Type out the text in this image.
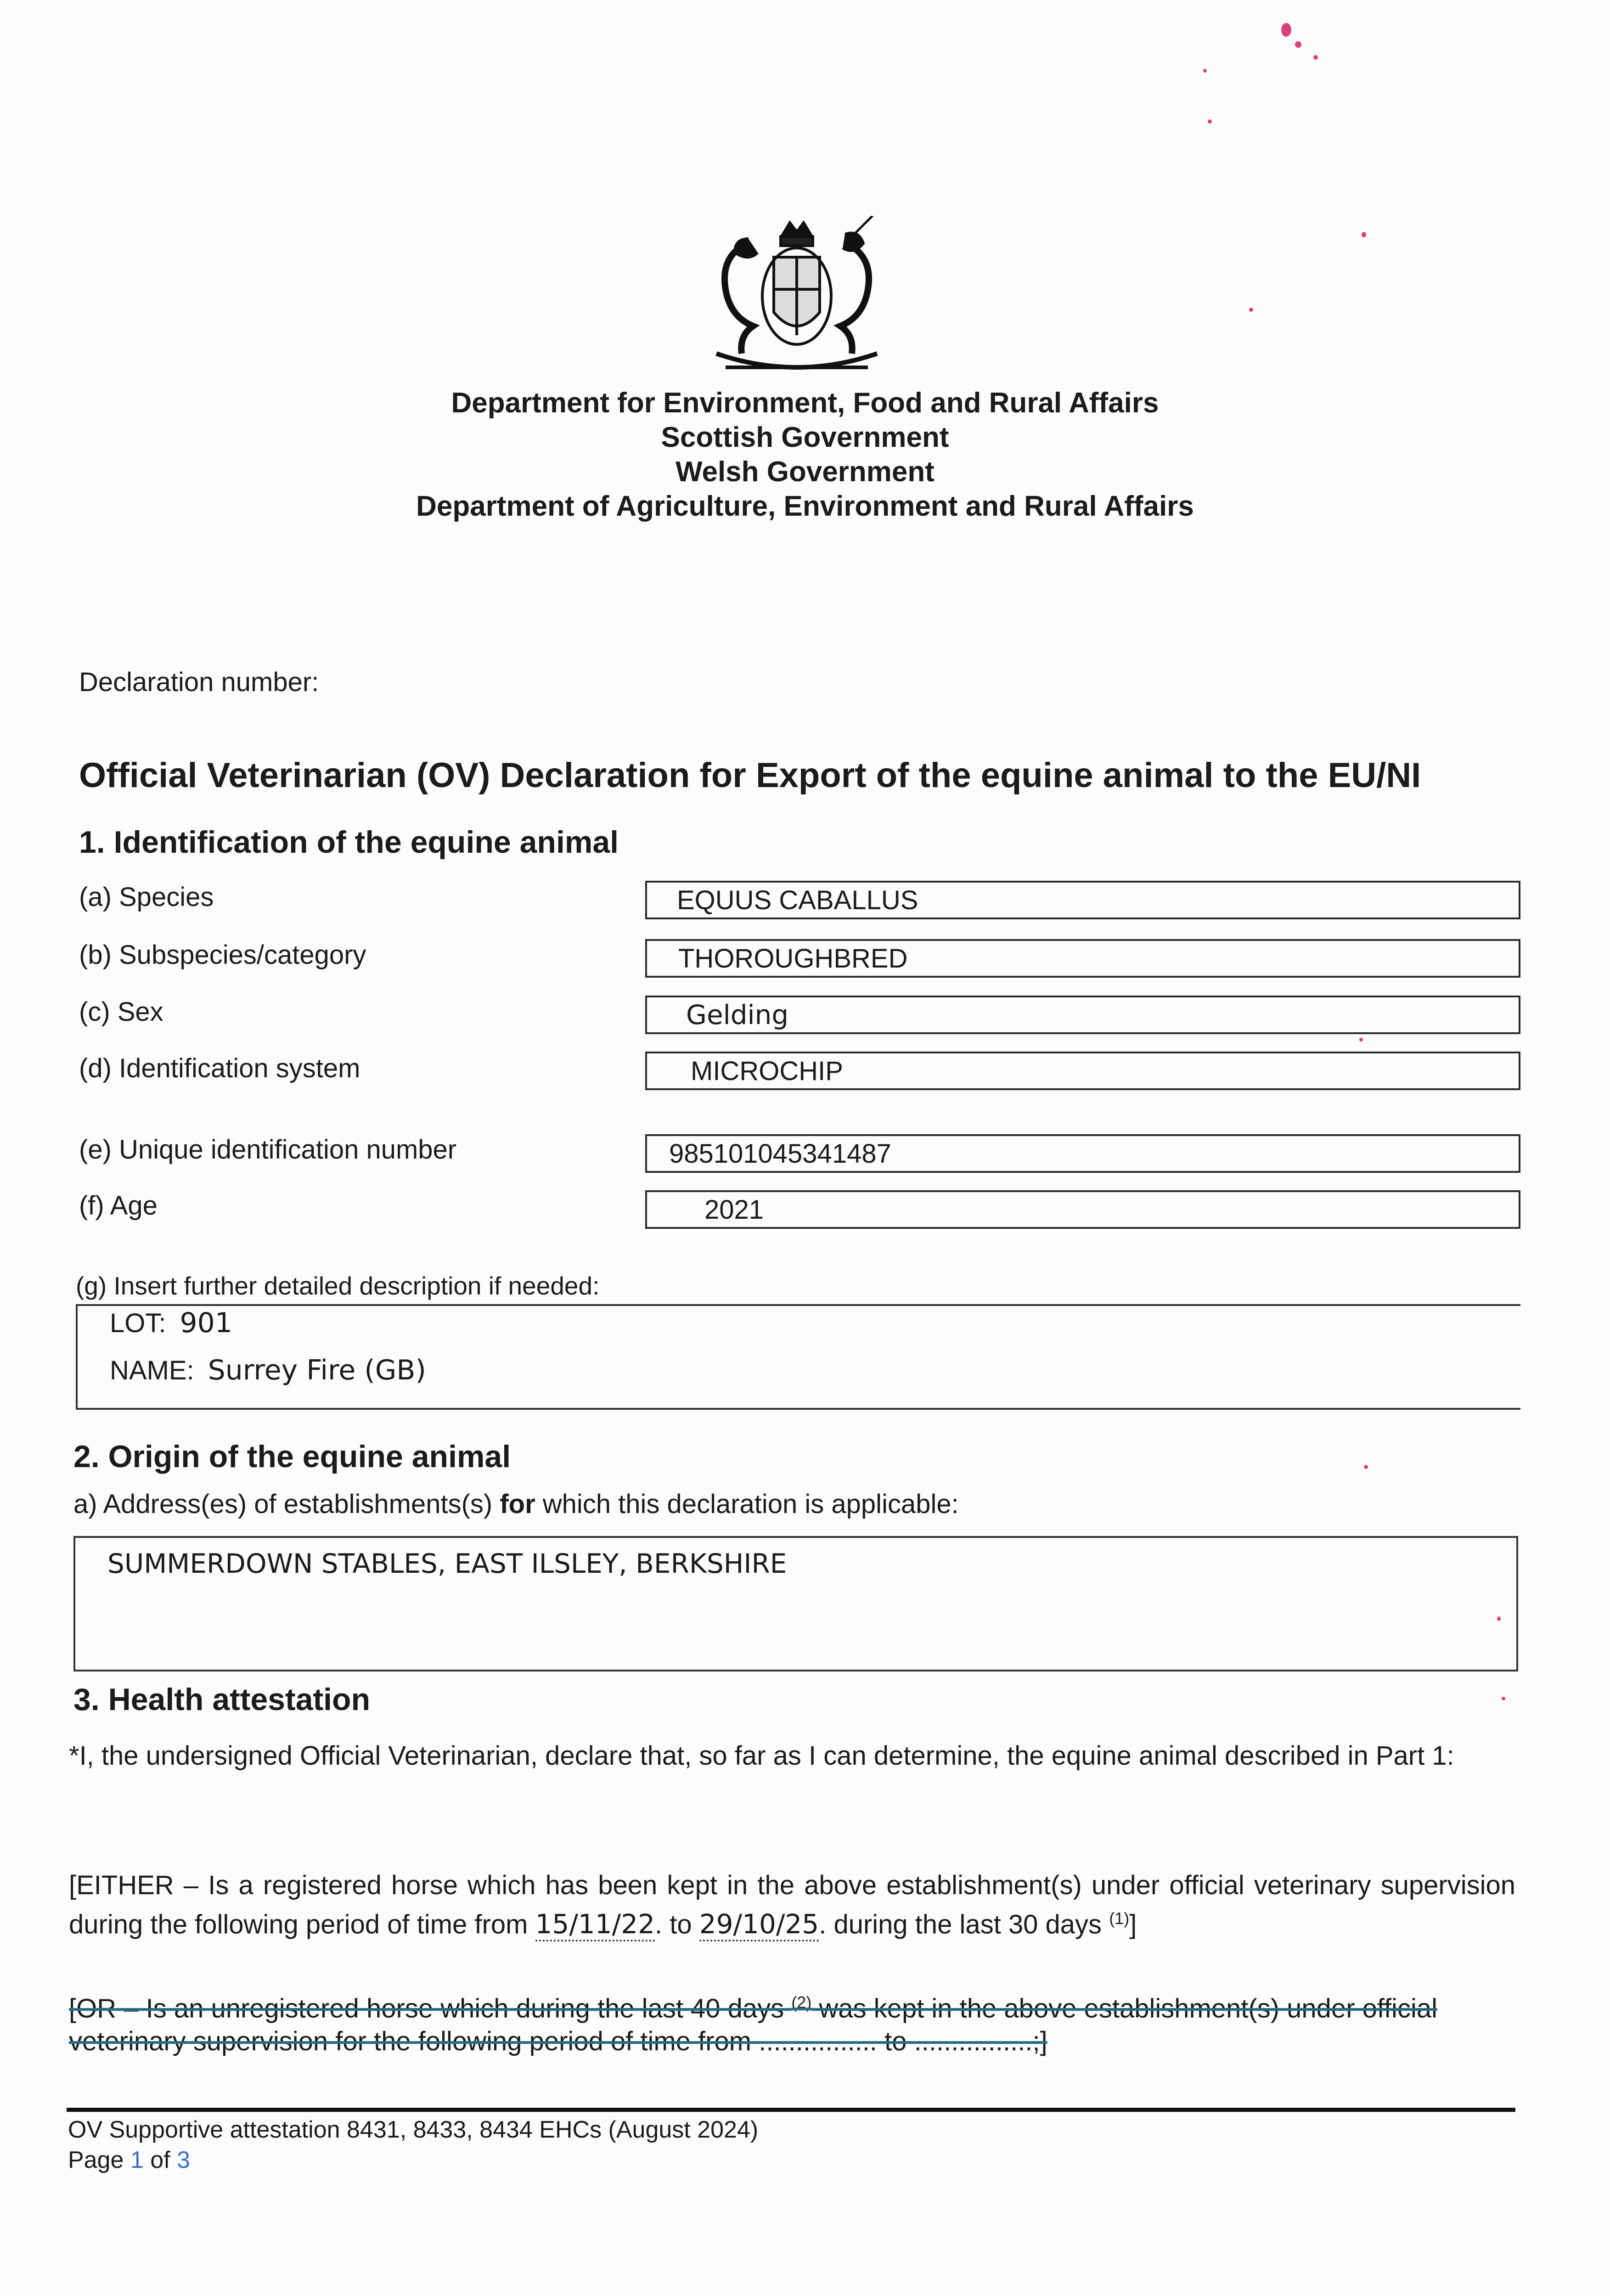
Department for Environment, Food and Rural Affairs
Scottish Government
Welsh Government
Department of Agriculture, Environment and Rural Affairs
Declaration number:
Official Veterinarian (OV) Declaration for Export of the equine animal to the EU/NI
1. Identification of the equine animal
(a) Species	EQUUS CABALLUS
(b) Subspecies/category	THOROUGHBRED
(c) Sex	Gelding
(d) Identification system	MICROCHIP
(e) Unique identification number	985101045341487
(f) Age	2021
(g) Insert further detailed description if needed:
LOT: 901
NAME: Surrey Fire (GB)
2. Origin of the equine animal
a) Address(es) of establishments(s) for which this declaration is applicable:
SUMMERDOWN STABLES, EAST ILSLEY, BERKSHIRE
3. Health attestation
*I, the undersigned Official Veterinarian, declare that, so far as I can determine, the equine animal described in Part 1:
[EITHER – Is a registered horse which has been kept in the above establishment(s) under official veterinary supervision during the following period of time from 15/11/22. to 29/10/25. during the last 30 days $^{(1)}$]
[OR – Is an unregistered horse which during the last 40 days $^{(2)}$ was kept in the above establishment(s) under official veterinary supervision for the following period of time from ................ to ................;]
OV Supportive attestation 8431, 8433, 8434 EHCs (August 2024)
Page 1 of 3
